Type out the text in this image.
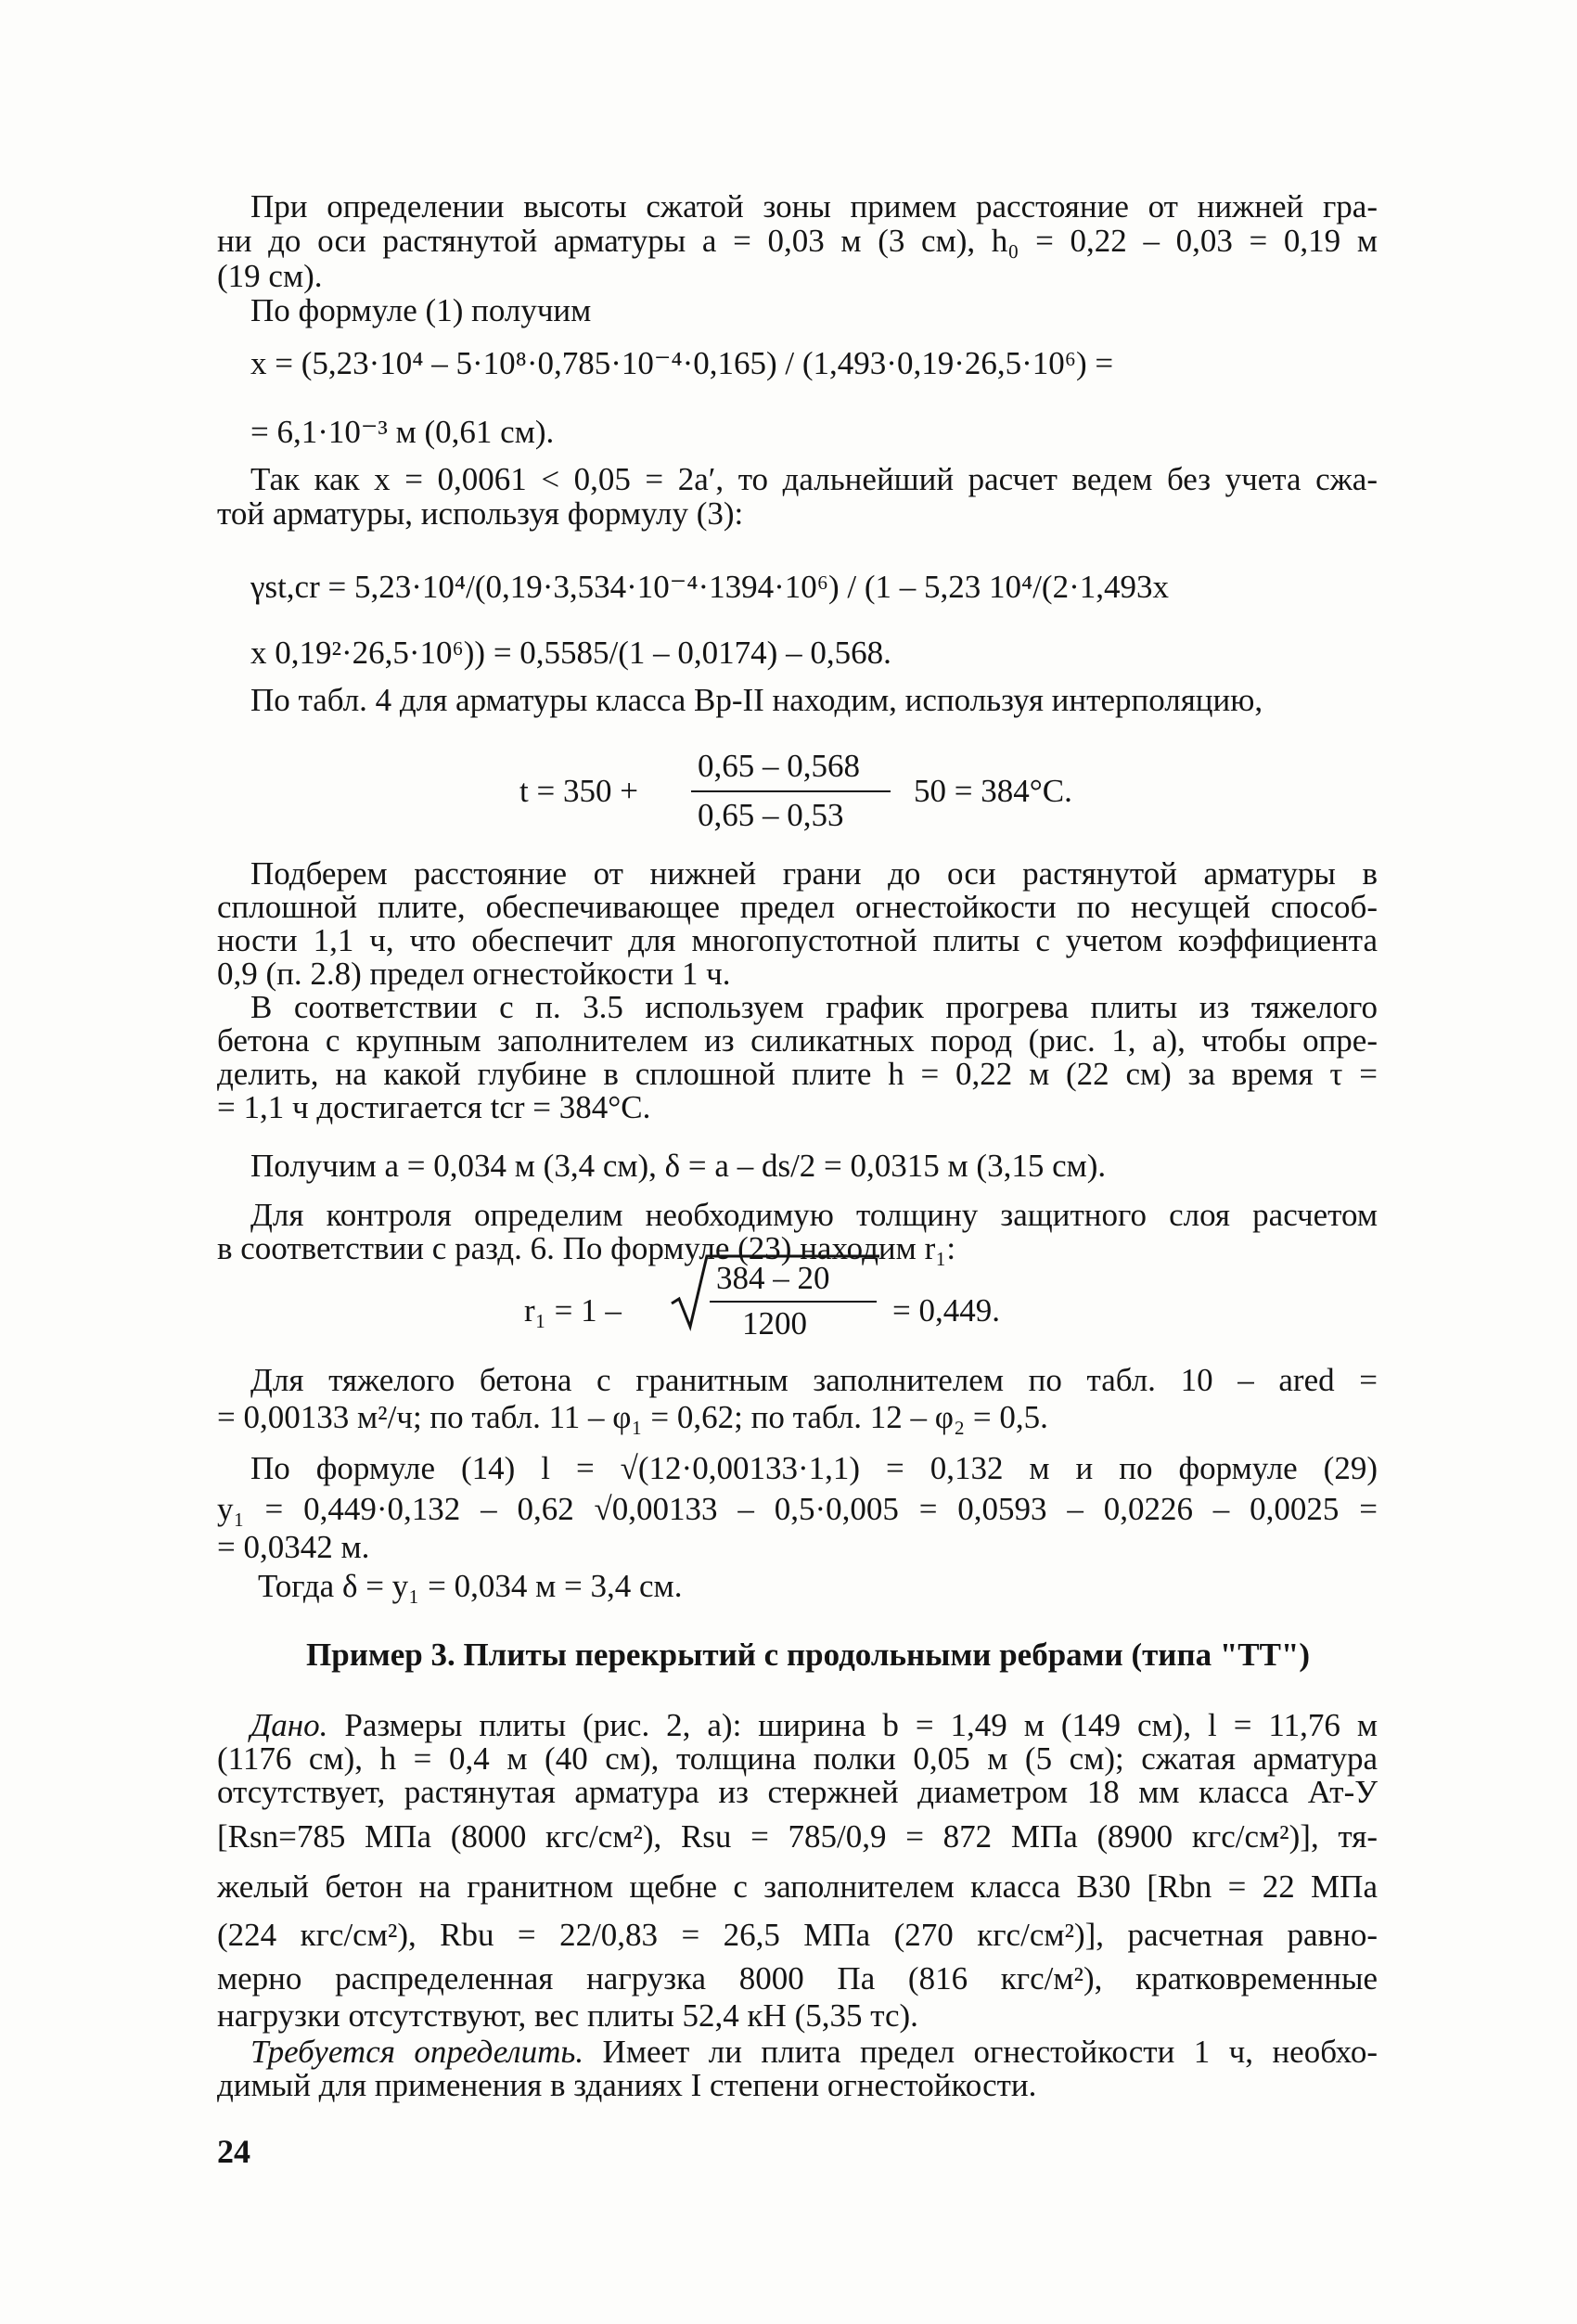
При определении высоты сжатой зоны примем расстояние от нижней гра-
ни до оси растянутой арматуры a = 0,03 м (3 см), h₀ = 0,22 – 0,03 = 0,19 м
(19 см).
По формуле (1) получим
x = (5,23·10⁴ – 5·10⁸·0,785·10⁻⁴·0,165) / (1,493·0,19·26,5·10⁶) =
= 6,1·10⁻³ м (0,61 см).
Так как x = 0,0061 < 0,05 = 2a′, то дальнейший расчет ведем без учета сжа-
той арматуры, используя формулу (3):
γst,cr = 5,23·10⁴/(0,19·3,534·10⁻⁴·1394·10⁶) / (1 – 5,23 10⁴/(2·1,493x
x 0,19²·26,5·10⁶)) = 0,5585/(1 – 0,0174) – 0,568.
По табл. 4 для арматуры класса Вр-II находим, используя интерполяцию,
t = 350 +
0,65 – 0,568
0,65 – 0,53
50 = 384°С.
Подберем расстояние от нижней грани до оси растянутой арматуры в
сплошной плите, обеспечивающее предел огнестойкости по несущей способ-
ности 1,1 ч, что обеспечит для многопустотной плиты с учетом коэффициента
0,9 (п. 2.8) предел огнестойкости 1 ч.
В соответствии с п. 3.5 используем график прогрева плиты из тяжелого
бетона с крупным заполнителем из силикатных пород (рис. 1, а), чтобы опре-
делить, на какой глубине в сплошной плите h = 0,22 м (22 см) за время τ =
= 1,1 ч достигается tcr = 384°С.
Получим a = 0,034 м (3,4 см), δ = a – ds/2 = 0,0315 м (3,15 см).
Для контроля определим необходимую толщину защитного слоя расчетом
в соответствии с разд. 6. По формуле (23) находим r₁:
r₁ = 1 –
384 – 20
1200	= 0,449.
Для тяжелого бетона с гранитным заполнителем по табл. 10 – ared =
= 0,00133 м²/ч; по табл. 11 – φ₁ = 0,62; по табл. 12 – φ₂ = 0,5.
По формуле (14) l = √(12·0,00133·1,1) = 0,132 м и по формуле (29)
y₁ = 0,449·0,132 – 0,62 √0,00133 – 0,5·0,005 = 0,0593 – 0,0226 – 0,0025 =
= 0,0342 м.
Тогда δ = y₁ = 0,034 м = 3,4 см.
Пример 3. Плиты перекрытий с продольными ребрами (типа "ТТ")
Дано. Размеры плиты (рис. 2, а): ширина b = 1,49 м (149 см), l = 11,76 м
(1176 см), h = 0,4 м (40 см), толщина полки 0,05 м (5 см); сжатая арматура
отсутствует, растянутая арматура из стержней диаметром 18 мм класса Ат-У
[Rsn=785 МПа (8000 кгс/см²), Rsu = 785/0,9 = 872 МПа (8900 кгс/см²)], тя-
желый бетон на гранитном щебне с заполнителем класса В30 [Rbn = 22 МПа
(224 кгс/см²), Rbu = 22/0,83 = 26,5 МПа (270 кгс/см²)], расчетная равно-
мерно распределенная нагрузка 8000 Па (816 кгс/м²), кратковременные
нагрузки отсутствуют, вес плиты 52,4 кН (5,35 тс).
Требуется определить. Имеет ли плита предел огнестойкости 1 ч, необхо-
димый для применения в зданиях I степени огнестойкости.
24
